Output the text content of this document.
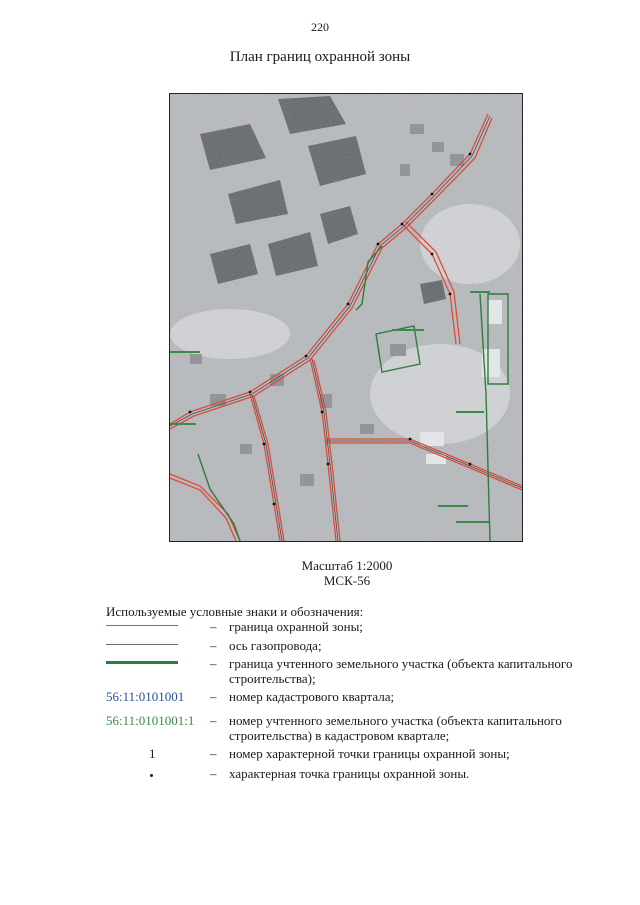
220
План границ охранной зоны
Масштаб 1:2000
МСК-56
Используемые условные знаки и обозначения:
– граница охранной зоны;
– ось газопровода;
– граница учтенного земельного участка (объекта капитального строительства);
56:11:0101001	– номер кадастрового квартала;
56:11:0101001:1 – номер учтенного земельного участка (объекта капитального строительства) в кадастровом квартале;
1	– номер характерной точки границы охранной зоны;
– характерная точка границы охранной зоны.
